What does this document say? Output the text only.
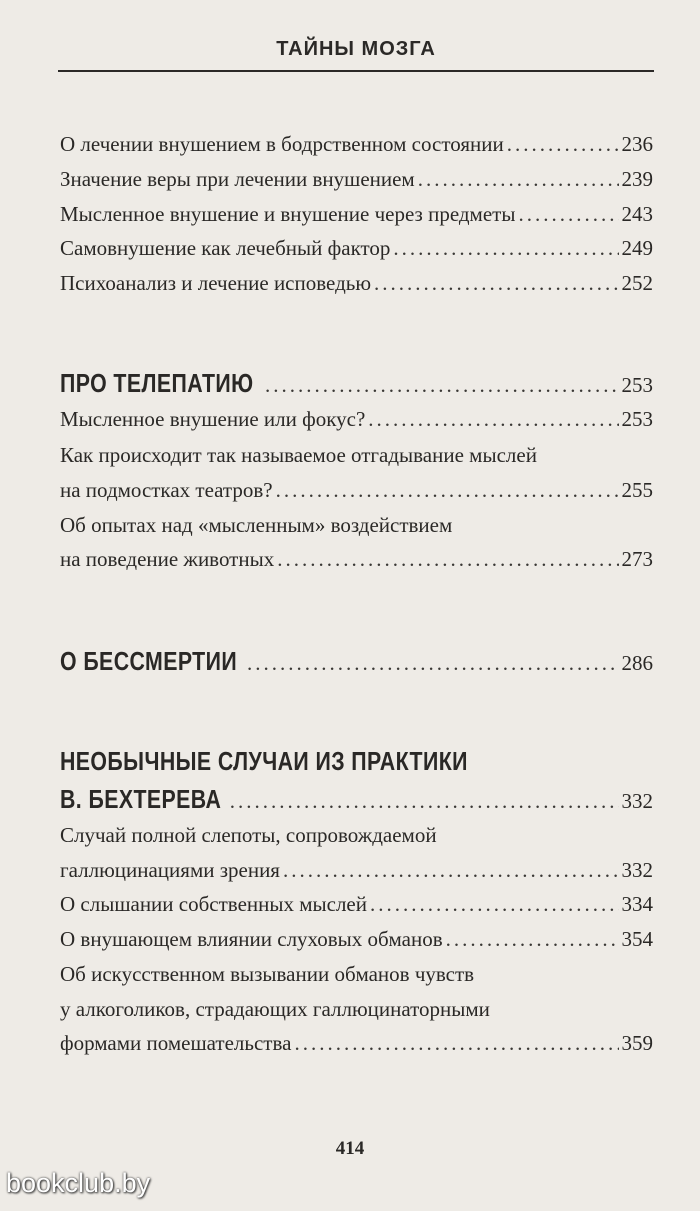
ТАЙНЫ МОЗГА
О лечении внушением в бодрственном состоянии .....	236
Значение веры при лечении внушением .....	239
Мысленное внушение и внушение через предметы .....	243
Самовнушение как лечебный фактор .....	249
Психоанализ и лечение исповедью .....	252
ПРО ТЕЛЕПАТИЮ .....	253
Мысленное внушение или фокус? .....	253
Как происходит так называемое отгадывание мыслей
на подмостках театров? .....	255
Об опытах над «мысленным» воздействием
на поведение животных .....	273
О БЕССМЕРТИИ .....	286
НЕОБЫЧНЫЕ СЛУЧАИ ИЗ ПРАКТИКИ
В. БЕХТЕРЕВА .....	332
Случай полной слепоты, сопровождаемой
галлюцинациями зрения .....	332
О слышании собственных мыслей .....	334
О внушающем влиянии слуховых обманов .....	354
Об искусственном вызывании обманов чувств
у алкоголиков, страдающих галлюцинаторными
формами помешательства .....	359
414
bookclub.by
